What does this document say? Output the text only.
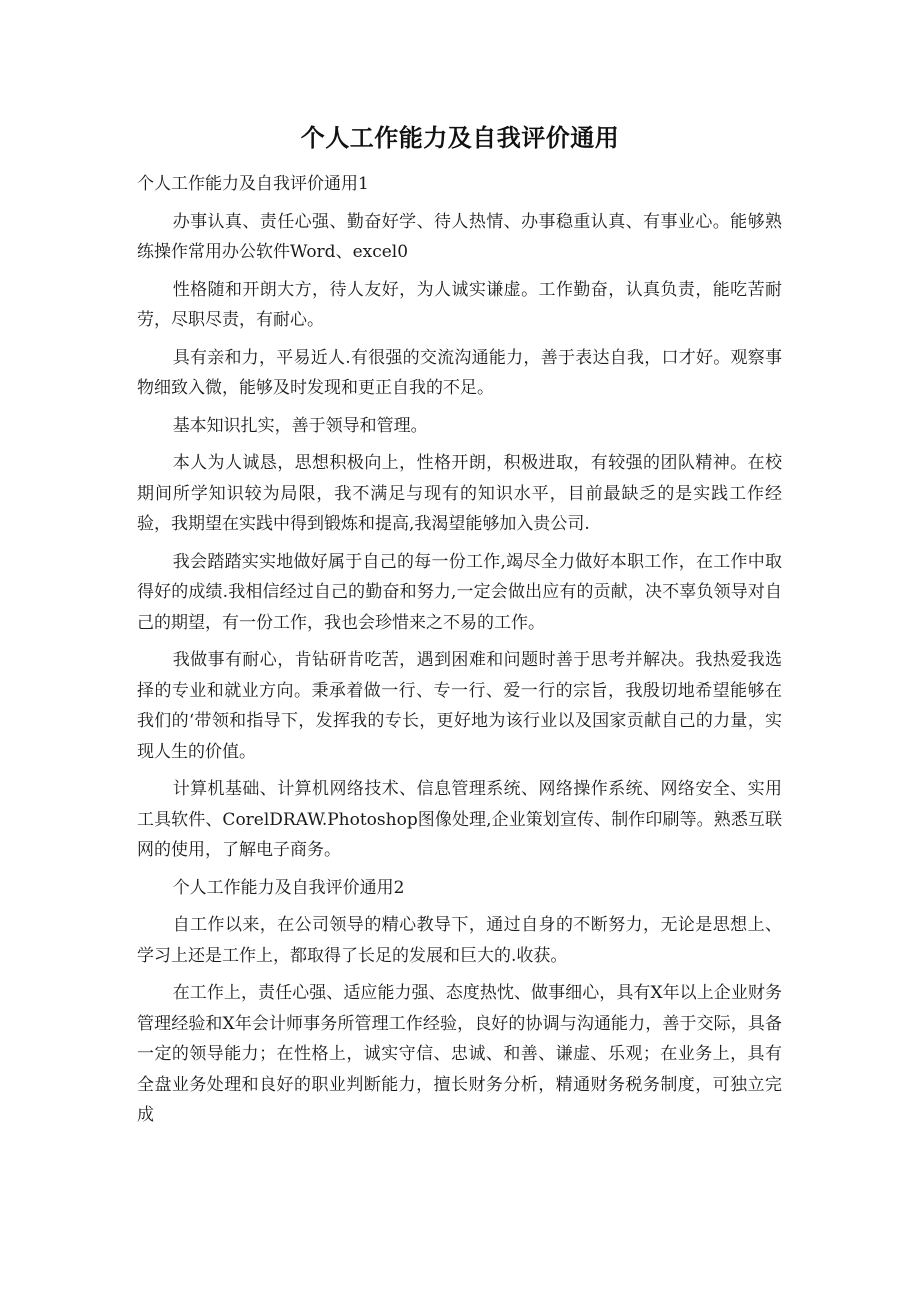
个人工作能力及自我评价通用

个人工作能力及自我评价通用1

办事认真、责任心强、勤奋好学、待人热情、办事稳重认真、有事业心。能够熟练操作常用办公软件Word、excel0

性格随和开朗大方，待人友好，为人诚实谦虚。工作勤奋，认真负责，能吃苦耐劳，尽职尽责，有耐心。

具有亲和力，平易近人.有很强的交流沟通能力，善于表达自我，口才好。观察事物细致入微，能够及时发现和更正自我的不足。

基本知识扎实，善于领导和管理。

本人为人诚恳，思想积极向上，性格开朗，积极进取，有较强的团队精神。在校期间所学知识较为局限，我不满足与现有的知识水平，目前最缺乏的是实践工作经验，我期望在实践中得到锻炼和提高,我渴望能够加入贵公司.

我会踏踏实实地做好属于自己的每一份工作,竭尽全力做好本职工作，在工作中取得好的成绩.我相信经过自己的勤奋和努力,一定会做出应有的贡献，决不辜负领导对自己的期望，有一份工作，我也会珍惜来之不易的工作。

我做事有耐心，肯钻研肯吃苦，遇到困难和问题时善于思考并解决。我热爱我选择的专业和就业方向。秉承着做一行、专一行、爱一行的宗旨，我殷切地希望能够在我们的‘带领和指导下，发挥我的专长，更好地为该行业以及国家贡献自己的力量，实现人生的价值。

计算机基础、计算机网络技术、信息管理系统、网络操作系统、网络安全、实用工具软件、CorelDRAW.Photoshop图像处理,企业策划宣传、制作印刷等。熟悉互联网的使用，了解电子商务。

个人工作能力及自我评价通用2

自工作以来，在公司领导的精心教导下，通过自身的不断努力，无论是思想上、学习上还是工作上，都取得了长足的发展和巨大的.收获。

在工作上，责任心强、适应能力强、态度热忱、做事细心，具有X年以上企业财务管理经验和X年会计师事务所管理工作经验，良好的协调与沟通能力，善于交际，具备一定的领导能力；在性格上，诚实守信、忠诚、和善、谦虚、乐观；在业务上，具有全盘业务处理和良好的职业判断能力，擅长财务分析，精通财务税务制度，可独立完成
